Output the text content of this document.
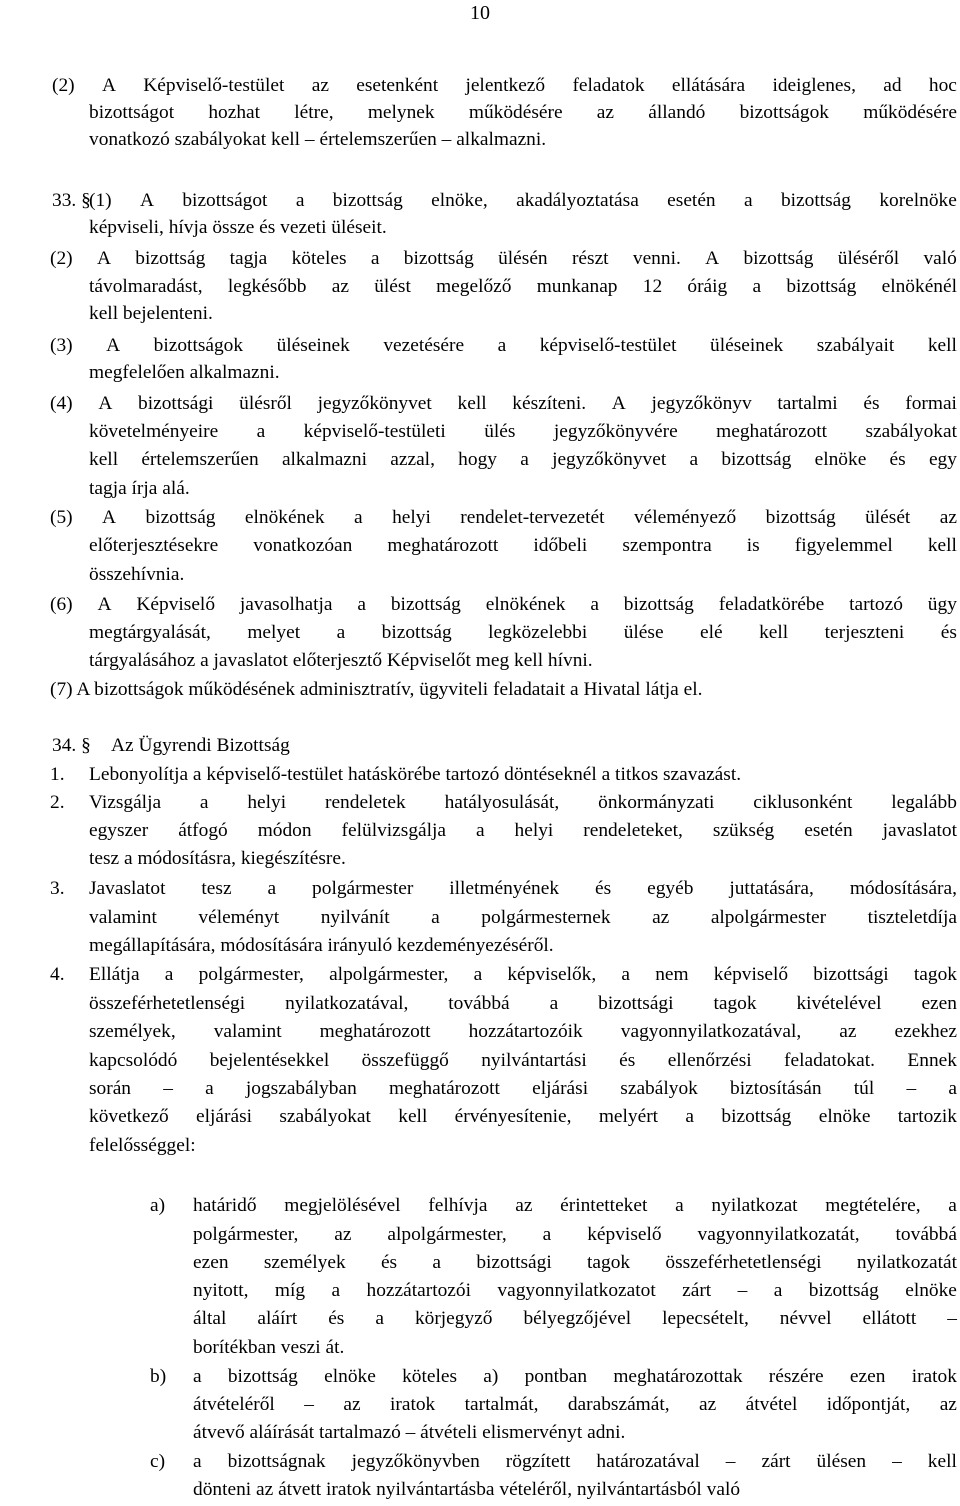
10
(2) A Képviselő-testület az esetenként jelentkező feladatok ellátására ideiglenes, ad hoc
bizottságot hozhat létre, melynek működésére az állandó bizottságok működésére
vonatkozó szabályokat kell – értelemszerűen – alkalmazni.
33. §
(1) A bizottságot a bizottság elnöke, akadályoztatása esetén a bizottság korelnöke
képviseli, hívja össze és vezeti üléseit.
(2) A bizottság tagja köteles a bizottság ülésén részt venni. A bizottság üléséről való
távolmaradást, legkésőbb az ülést megelőző munkanap 12 óráig a bizottság elnökénél
kell bejelenteni.
(3) A bizottságok üléseinek vezetésére a képviselő-testület üléseinek szabályait kell
megfelelően alkalmazni.
(4) A bizottsági ülésről jegyzőkönyvet kell készíteni. A jegyzőkönyv tartalmi és formai
követelményeire a képviselő-testületi ülés jegyzőkönyvére meghatározott szabályokat
kell értelemszerűen alkalmazni azzal, hogy a jegyzőkönyvet a bizottság elnöke és egy
tagja írja alá.
(5) A bizottság elnökének a helyi rendelet-tervezetét véleményező bizottság ülését az
előterjesztésekre vonatkozóan meghatározott időbeli szempontra is figyelemmel kell
összehívnia.
(6) A Képviselő javasolhatja a bizottság elnökének a bizottság feladatkörébe tartozó ügy
megtárgyalását, melyet a bizottság legközelebbi ülése elé kell terjeszteni és
tárgyalásához a javaslatot előterjesztő Képviselőt meg kell hívni.
(7) A bizottságok működésének adminisztratív, ügyviteli feladatait a Hivatal látja el.
34. § Az Ügyrendi Bizottság
1. Lebonyolítja a képviselő-testület hatáskörébe tartozó döntéseknél a titkos szavazást.
2. Vizsgálja a helyi rendeletek hatályosulását, önkormányzati ciklusonként legalább
egyszer átfogó módon felülvizsgálja a helyi rendeleteket, szükség esetén javaslatot
tesz a módosításra, kiegészítésre.
3. Javaslatot tesz a polgármester illetményének és egyéb juttatására, módosítására,
valamint véleményt nyilvánít a polgármesternek az alpolgármester tiszteletdíja
megállapítására, módosítására irányuló kezdeményezéséről.
4. Ellátja a polgármester, alpolgármester, a képviselők, a nem képviselő bizottsági tagok
összeférhetetlenségi nyilatkozatával, továbbá a bizottsági tagok kivételével ezen
személyek, valamint meghatározott hozzátartozóik vagyonnyilatkozatával, az ezekhez
kapcsolódó bejelentésekkel összefüggő nyilvántartási és ellenőrzési feladatokat. Ennek
során – a jogszabályban meghatározott eljárási szabályok biztosításán túl – a
következő eljárási szabályokat kell érvényesítenie, melyért a bizottság elnöke tartozik
felelősséggel:
a) határidő megjelölésével felhívja az érintetteket a nyilatkozat megtételére, a
polgármester, az alpolgármester, a képviselő vagyonnyilatkozatát, továbbá
ezen személyek és a bizottsági tagok összeférhetetlenségi nyilatkozatát
nyitott, míg a hozzátartozói vagyonnyilatkozatot zárt – a bizottság elnöke
által aláírt és a körjegyző bélyegzőjével lepecsételt, névvel ellátott –
borítékban veszi át.
b) a bizottság elnöke köteles a) pontban meghatározottak részére ezen iratok
átvételéről – az iratok tartalmát, darabszámát, az átvétel időpontját, az
átvevő aláírását tartalmazó – átvételi elismervényt adni.
c) a bizottságnak jegyzőkönyvben rögzített határozatával – zárt ülésen – kell
dönteni az átvett iratok nyilvántartásba vételéről, nyilvántartásból való
